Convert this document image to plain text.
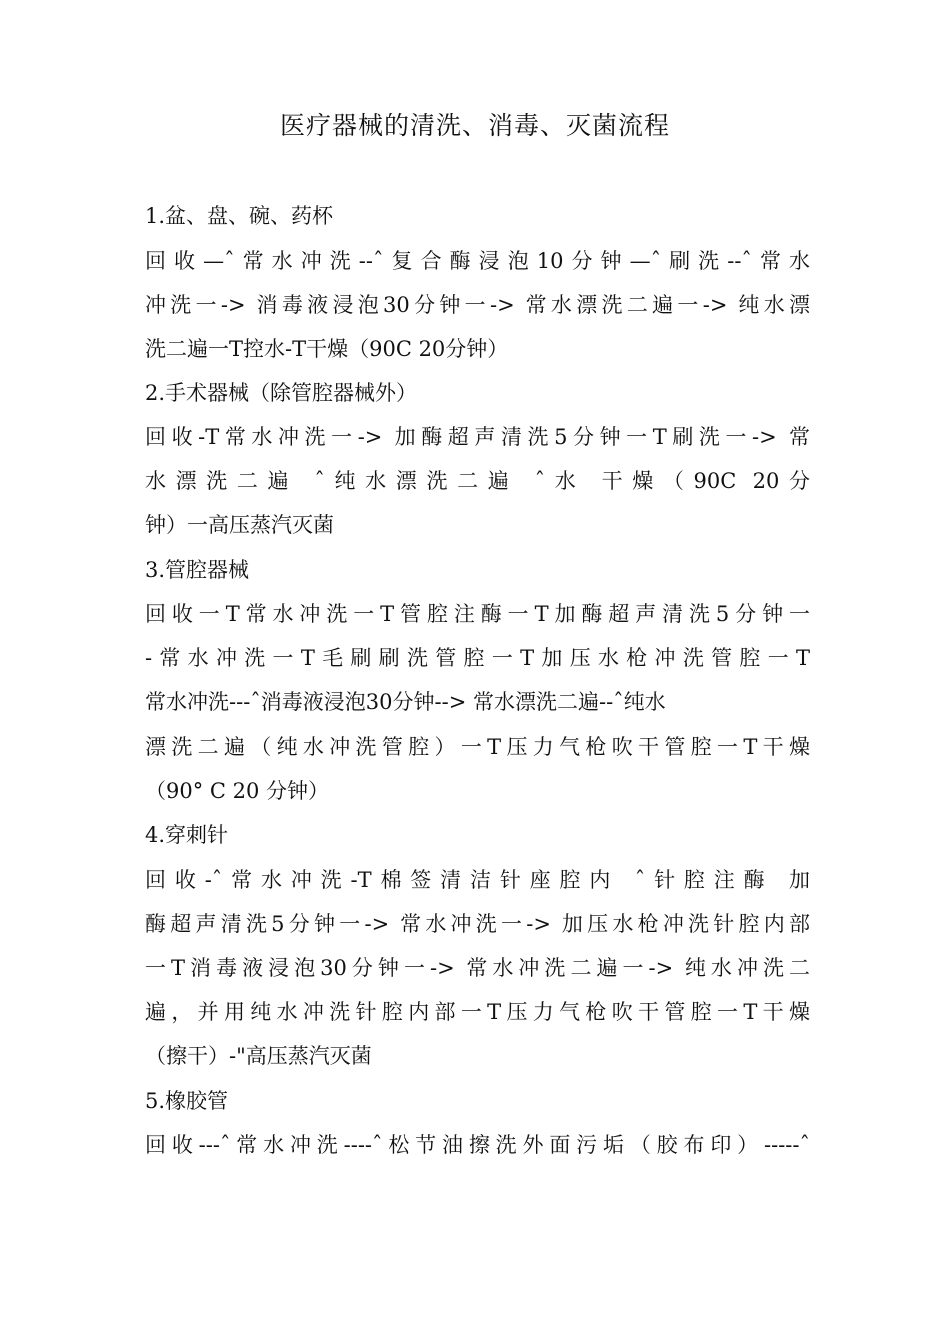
医疗器械的清洗、消毒、灭菌流程
1.盆、盘、碗、药杯
回收—ˆ常水冲洗--ˆ复合酶浸泡10分钟—ˆ刷洗--ˆ常水
冲洗一-> 消毒液浸泡30分钟一-> 常水漂洗二遍一-> 纯水漂
洗二遍一T控水-T干燥（90C 20分钟）
2.手术器械（除管腔器械外）
回收-T常水冲洗一-> 加酶超声清洗5分钟一T刷洗一-> 常
水漂洗二遍 ˆ纯水漂洗二遍 ˆ水 干燥（90C 20分
钟）一高压蒸汽灭菌
3.管腔器械
回收一T常水冲洗一T管腔注酶一T加酶超声清洗5分钟一
-常水冲洗一T毛刷刷洗管腔一T加压水枪冲洗管腔一T
常水冲洗---ˆ消毒液浸泡30分钟--> 常水漂洗二遍--ˆ纯水
漂洗二遍（纯水冲洗管腔）一T压力气枪吹干管腔一T干燥
（90° C 20 分钟）
4.穿刺针
回收-ˆ常水冲洗-T棉签清洁针座腔内 ˆ针腔注酶 加
酶超声清洗5分钟一-> 常水冲洗一-> 加压水枪冲洗针腔内部
一T消毒液浸泡30分钟一-> 常水冲洗二遍一-> 纯水冲洗二
遍，并用纯水冲洗针腔内部一T压力气枪吹干管腔一T干燥
（擦干）-"高压蒸汽灭菌
5.橡胶管
回收---ˆ常水冲洗----ˆ松节油擦洗外面污垢（胶布印）-----ˆ
